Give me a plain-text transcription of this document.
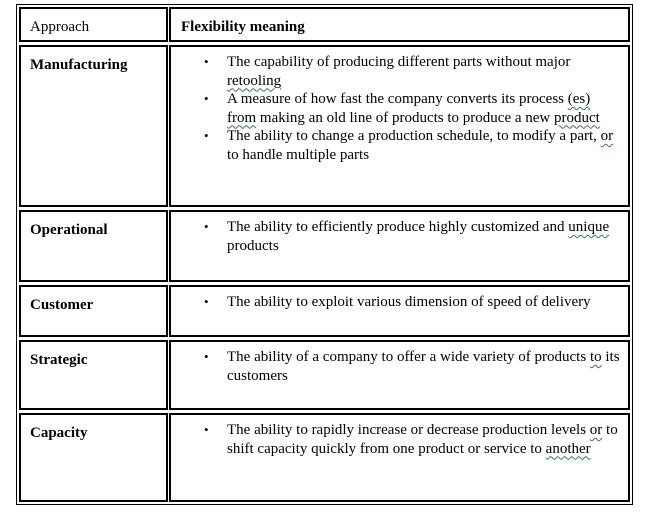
Approach	Flexibility meaning
Manufacturing	• The capability of producing different parts without major retooling
• A measure of how fast the company converts its process (es) from making an old line of products to produce a new product
• The ability to change a production schedule, to modify a part, or to handle multiple parts
Operational	• The ability to efficiently produce highly customized and unique products
Customer	• The ability to exploit various dimension of speed of delivery
Strategic	• The ability of a company to offer a wide variety of products to its customers
Capacity	• The ability to rapidly increase or decrease production levels or to shift capacity quickly from one product or service to another
